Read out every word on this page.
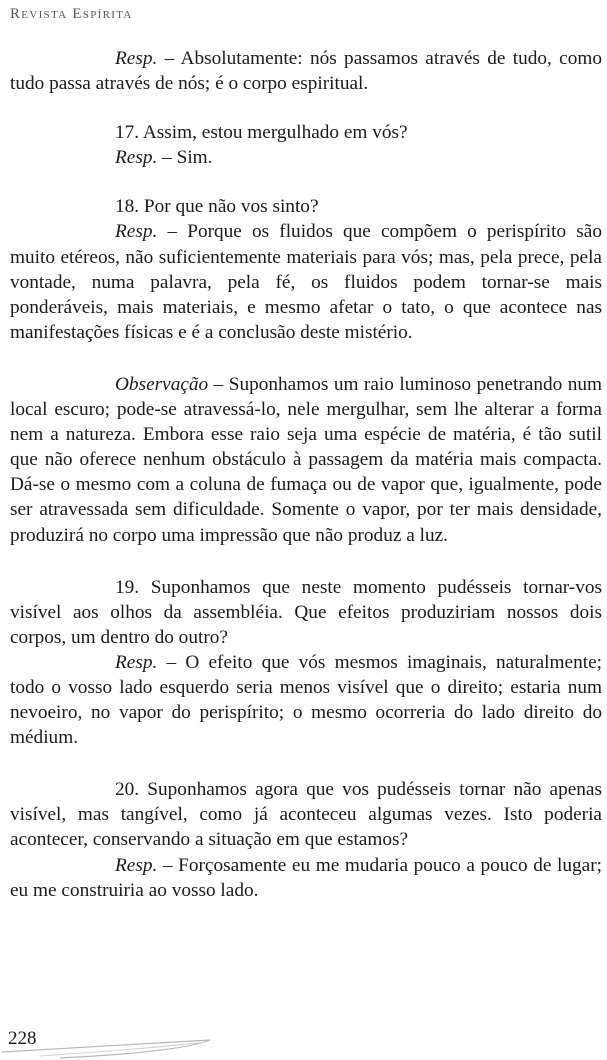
Revista Espírita

Resp. – Absolutamente: nós passamos através de tudo, como tudo passa através de nós; é o corpo espiritual.

17. Assim, estou mergulhado em vós?

Resp. – Sim.

18. Por que não vos sinto?

Resp. – Porque os fluidos que compõem o perispírito são muito etéreos, não suficientemente materiais para vós; mas, pela prece, pela vontade, numa palavra, pela fé, os fluidos podem tornar-se mais ponderáveis, mais materiais, e mesmo afetar o tato, o que acontece nas manifestações físicas e é a conclusão deste mistério.

Observação – Suponhamos um raio luminoso penetrando num local escuro; pode-se atravessá-lo, nele mergulhar, sem lhe alterar a forma nem a natureza. Embora esse raio seja uma espécie de matéria, é tão sutil que não oferece nenhum obstáculo à passagem da matéria mais compacta. Dá-se o mesmo com a coluna de fumaça ou de vapor que, igualmente, pode ser atravessada sem dificuldade. Somente o vapor, por ter mais densidade, produzirá no corpo uma impressão que não produz a luz.

19. Suponhamos que neste momento pudésseis tornar-vos visível aos olhos da assembléia. Que efeitos produziriam nossos dois corpos, um dentro do outro?

Resp. – O efeito que vós mesmos imaginais, naturalmente; todo o vosso lado esquerdo seria menos visível que o direito; estaria num nevoeiro, no vapor do perispírito; o mesmo ocorreria do lado direito do médium.

20. Suponhamos agora que vos pudésseis tornar não apenas visível, mas tangível, como já aconteceu algumas vezes. Isto poderia acontecer, conservando a situação em que estamos?

Resp. – Forçosamente eu me mudaria pouco a pouco de lugar; eu me construiria ao vosso lado.

228
